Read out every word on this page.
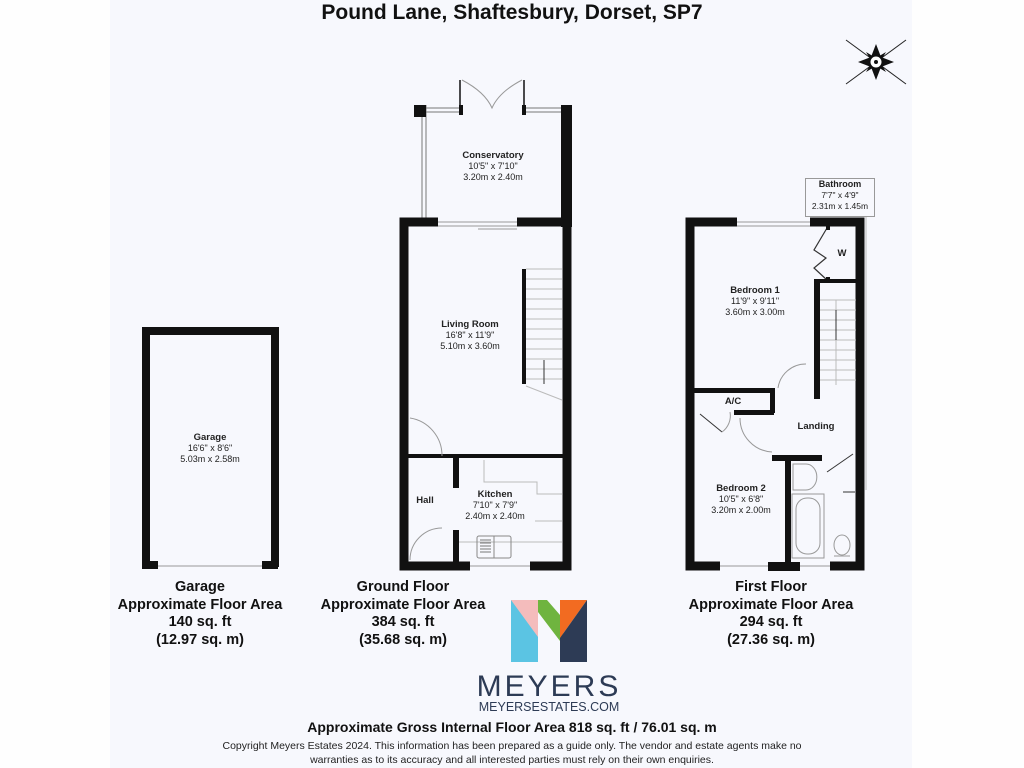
Pound Lane, Shaftesbury, Dorset, SP7
Conservatory
10'5" x 7'10"
3.20m x 2.40m
Living Room
16'8" x 11'9"
5.10m x 3.60m
Kitchen
7'10" x 7'9"
2.40m x 2.40m
Hall
Garage
16'6" x 8'6"
5.03m x 2.58m
Bathroom
7'7" x 4'9"
2.31m x 1.45m
Bedroom 1
11'9" x 9'11"
3.60m x 3.00m
Bedroom 2
10'5" x 6'8"
3.20m x 2.00m
Landing
A/C
W
Garage
Approximate Floor Area
140 sq. ft
(12.97 sq. m)
Ground Floor
Approximate Floor Area
384 sq. ft
(35.68 sq. m)
First Floor
Approximate Floor Area
294 sq. ft
(27.36 sq. m)
MEYERS
MEYERSESTATES.COM
Approximate Gross Internal Floor Area 818 sq. ft / 76.01 sq. m
Copyright Meyers Estates 2024. This information has been prepared as a guide only. The vendor and estate agents make no
warranties as to its accuracy and all interested parties must rely on their own enquiries.
